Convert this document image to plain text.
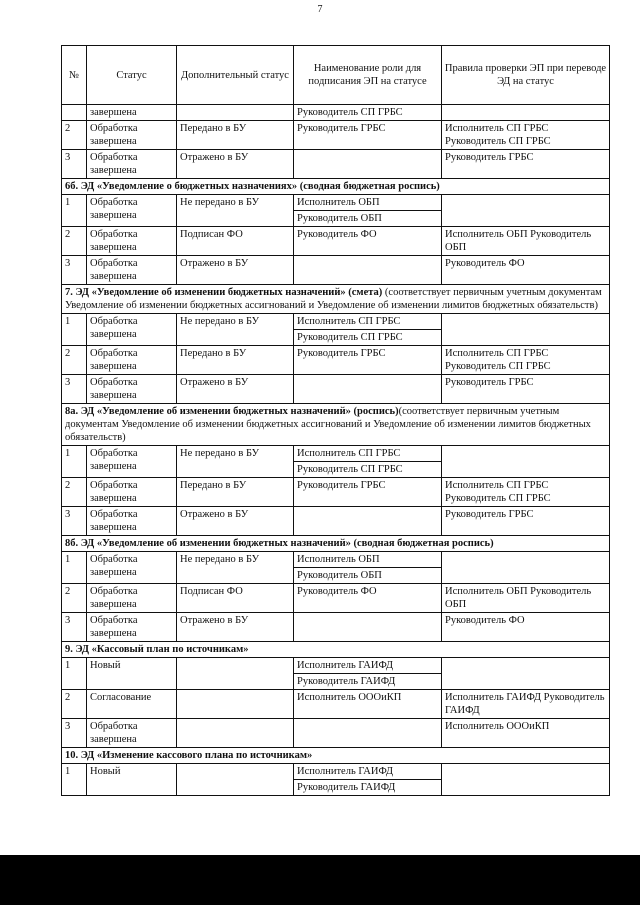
7
№	Статус	Дополнительный статус	Наименование роли для подписания ЭП на статусе	Правила проверки ЭП при переводе ЭД на статус
	завершена		Руководитель СП ГРБС	
2	Обработка завершена	Передано в БУ	Руководитель ГРБС	Исполнитель СП ГРБС Руководитель СП ГРБС
3	Обработка завершена	Отражено в БУ		Руководитель ГРБС
6б. ЭД «Уведомление о бюджетных назначениях» (сводная бюджетная роспись)				
1	Обработка завершена	Не передано в БУ	Исполнитель ОБП	
			Руководитель ОБП	
2	Обработка завершена	Подписан ФО	Руководитель ФО	Исполнитель ОБП Руководитель ОБП
3	Обработка завершена	Отражено в БУ		Руководитель ФО
7. ЭД «Уведомление об изменении бюджетных назначений» (смета) (соответствует первичным учетным документам Уведомление об изменении бюджетных ассигнований и Уведомление об изменении лимитов бюджетных обязательств)				
1	Обработка завершена	Не передано в БУ	Исполнитель СП ГРБС	
			Руководитель СП ГРБС	
2	Обработка завершена	Передано в БУ	Руководитель ГРБС	Исполнитель СП ГРБС Руководитель СП ГРБС
3	Обработка завершена	Отражено в БУ		Руководитель ГРБС
8а. ЭД «Уведомление об изменении бюджетных назначений» (роспись)(соответствует первичным учетным документам Уведомление об изменении бюджетных ассигнований и Уведомление об изменении лимитов бюджетных обязательств)				
1	Обработка завершена	Не передано в БУ	Исполнитель СП ГРБС	
			Руководитель СП ГРБС	
2	Обработка завершена	Передано в БУ	Руководитель ГРБС	Исполнитель СП ГРБС Руководитель СП ГРБС
3	Обработка завершена	Отражено в БУ		Руководитель ГРБС
8б. ЭД «Уведомление об изменении бюджетных назначений» (сводная бюджетная роспись)				
1	Обработка завершена	Не передано в БУ	Исполнитель ОБП	
			Руководитель ОБП	
2	Обработка завершена	Подписан ФО	Руководитель ФО	Исполнитель ОБП Руководитель ОБП
3	Обработка завершена	Отражено в БУ		Руководитель ФО
9. ЭД «Кассовый план по источникам»				
1	Новый		Исполнитель ГАИФД	
			Руководитель ГАИФД	
2	Согласование		Исполнитель ОООиКП	Исполнитель ГАИФД Руководитель ГАИФД
3	Обработка завершена			Исполнитель ОООиКП
10. ЭД «Изменение кассового плана по источникам»				
1	Новый		Исполнитель ГАИФД	
			Руководитель ГАИФД	
